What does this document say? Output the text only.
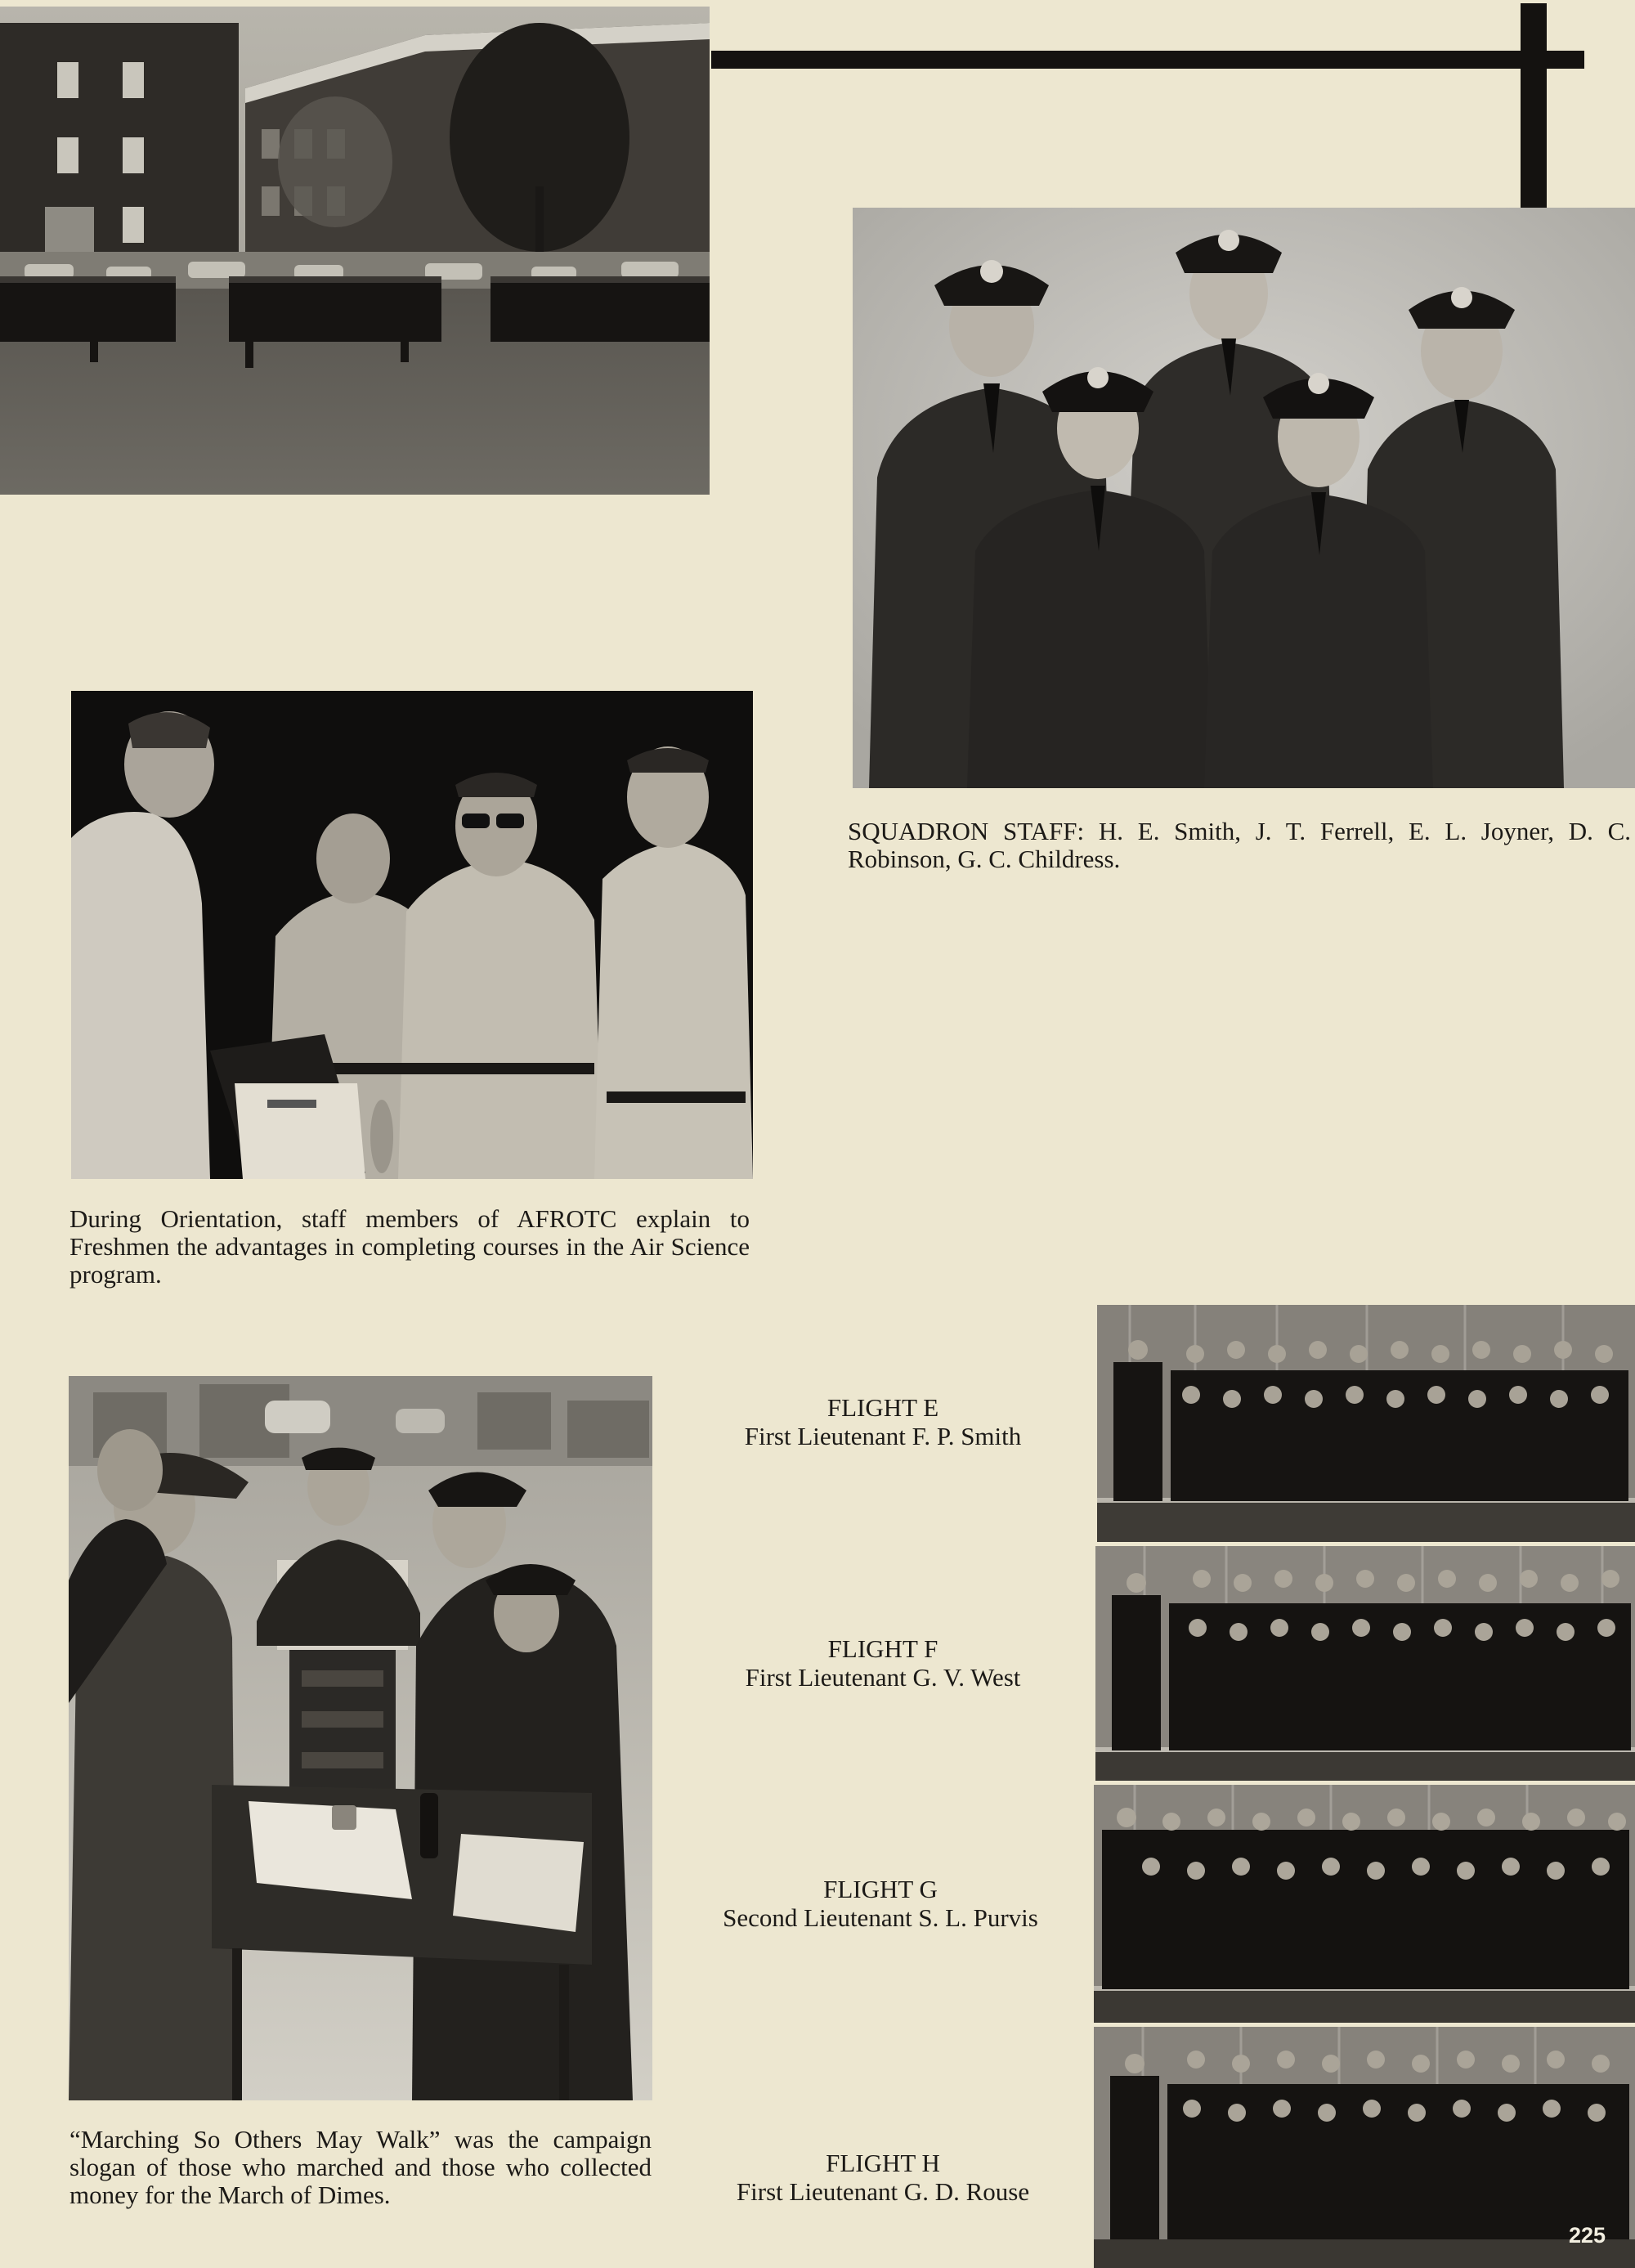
SQUADRON STAFF: H. E. Smith, J. T. Ferrell, E. L. Joyner, D. C. Robinson, G. C. Childress.
During Orientation, staff members of AFROTC explain to Freshmen the advantages in completing courses in the Air Science program.
“Marching So Others May Walk” was the campaign slogan of those who marched and those who collected money for the March of Dimes.
225
FLIGHT E
First Lieutenant F. P. Smith
FLIGHT F
First Lieutenant G. V. West
FLIGHT G
Second Lieutenant S. L. Purvis
FLIGHT H
First Lieutenant G. D. Rouse
